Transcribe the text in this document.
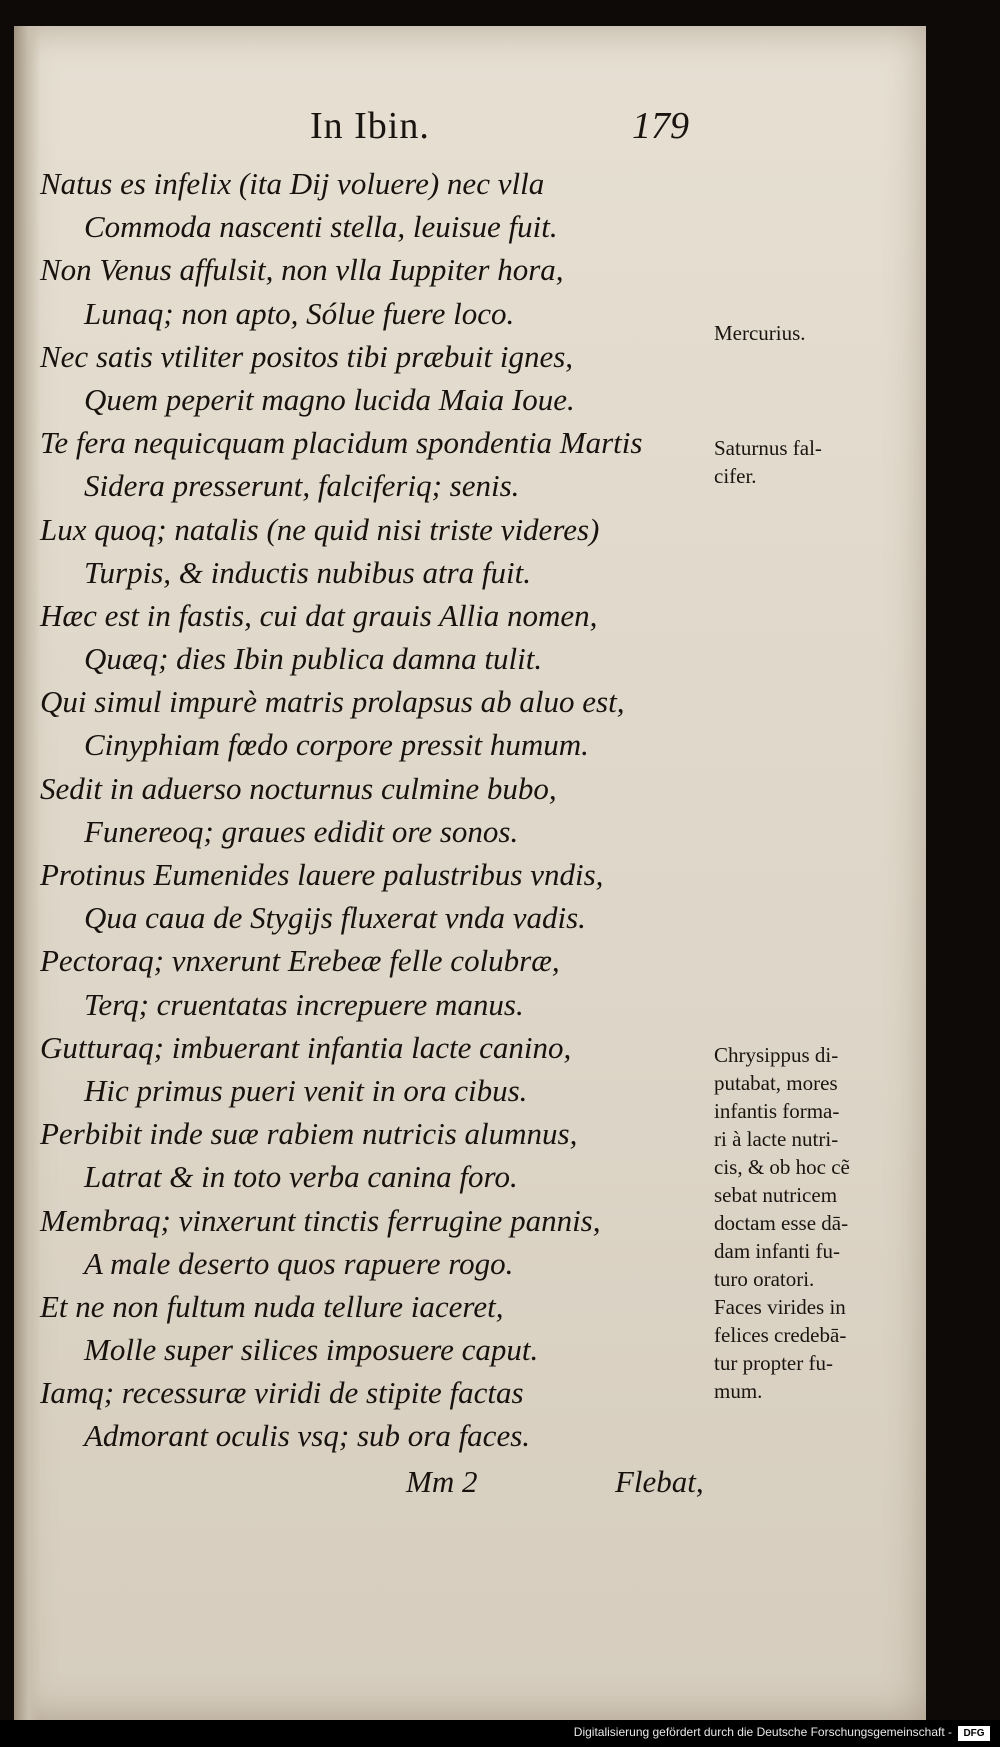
In Ibin.	179
Natus es infelix (ita Dij voluere) nec vlla
Commoda nascenti stella, leuisue fuit.
Non Venus affulsit, non vlla Iuppiter hora,
Lunaq; non apto, Sólue fuere loco.
Nec satis vtiliter positos tibi præbuit ignes,
Quem peperit magno lucida Maia Ioue.
Te fera nequicquam placidum spondentia Martis
Sidera presserunt, falciferiq; senis.
Lux quoq; natalis (ne quid nisi triste videres)
Turpis, & inductis nubibus atra fuit.
Hæc est in fastis, cui dat grauis Allia nomen,
Quæq; dies Ibin publica damna tulit.
Qui simul impurè matris prolapsus ab aluo est,
Cinyphiam fœdo corpore pressit humum.
Sedit in aduerso nocturnus culmine bubo,
Funereoq; graues edidit ore sonos.
Protinus Eumenides lauere palustribus vndis,
Qua caua de Stygijs fluxerat vnda vadis.
Pectoraq; vnxerunt Erebeæ felle colubræ,
Terq; cruentatas increpuere manus.
Gutturaq; imbuerant infantia lacte canino,
Hic primus pueri venit in ora cibus.
Perbibit inde suæ rabiem nutricis alumnus,
Latrat & in toto verba canina foro.
Membraq; vinxerunt tinctis ferrugine pannis,
A male deserto quos rapuere rogo.
Et ne non fultum nuda tellure iaceret,
Molle super silices imposuere caput.
Iamq; recessuræ viridi de stipite factas
Admorant oculis vsq; sub ora faces.

Mercurius.

Saturnus fal-

cifer.

Chrysippus di-

putabat, mores

infantis forma-

ri à lacte nutri-

cis, & ob hoc cẽ

sebat nutricem

doctam esse dā-

dam infanti fu-

turo oratori.

Faces virides in

felices credebā-

tur propter fu-

mum.

Mm 2	Flebat,
Digitalisierung gefördert durch die Deutsche Forschungsgemeinschaft -	DFG
